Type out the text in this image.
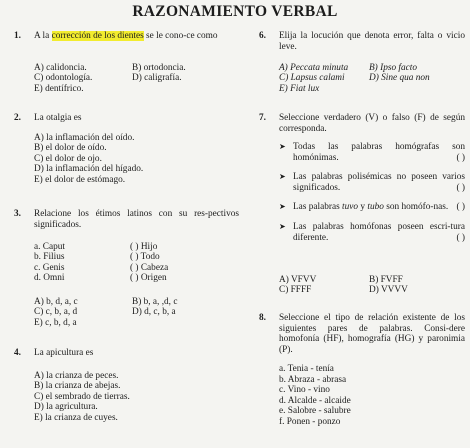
RAZONAMIENTO VERBAL
1. A la corrección de los dientes se le cono-ce como
A) calidoncia.	B) ortodoncia.
C) odontología.	D) caligrafía.
E) dentífrico.
2. La otalgia es
A) la inflamación del oído.
B) el dolor de oído.
C) el dolor de ojo.
D) la inflamación del hígado.
E) el dolor de estómago.
3. Relacione los étimos latinos con su res-pectivos significados.
a. Caput	( ) Hijo
b. Filius	( ) Todo
c. Genis	( ) Cabeza
d. Omni	( ) Origen
A) b, d, a, c	B) b, a, ,d, c
C) c, b, a, d	D) d, c, b, a
E) c, b, d, a
4. La apicultura es
A) la crianza de peces.
B) la crianza de abejas.
C) el sembrado de tierras.
D) la agricultura.
E) la crianza de cuyes.
6. Elija la locución que denota error, falta o vicio leve.
A) Peccata minuta	B) Ipso facto
C) Lapsus calami	D) Sine qua non
E) Fiat lux
7. Seleccione verdadero (V) o falso (F) de según corresponda.
➤ Todas las palabras homógrafas son homónimas.	( )
➤ Las palabras polisémicas no poseen varios significados.	( )
➤ Las palabras tuvo y tubo son homófo-nas. ( )
➤ Las palabras homófonas poseen escri-tura diferente.	( )
A) VFVV	B) FVFF
C) FFFF	D) VVVV
8. Seleccione el tipo de relación existente de los siguientes pares de palabras. Consi-dere homofonía (HF), homografía (HG) y paronimia (P).
a. Tenia - tenía
b. Abraza - abrasa
c. Vino - vino
d. Alcalde - alcaide
e. Salobre - salubre
f. Ponen - ponzo
